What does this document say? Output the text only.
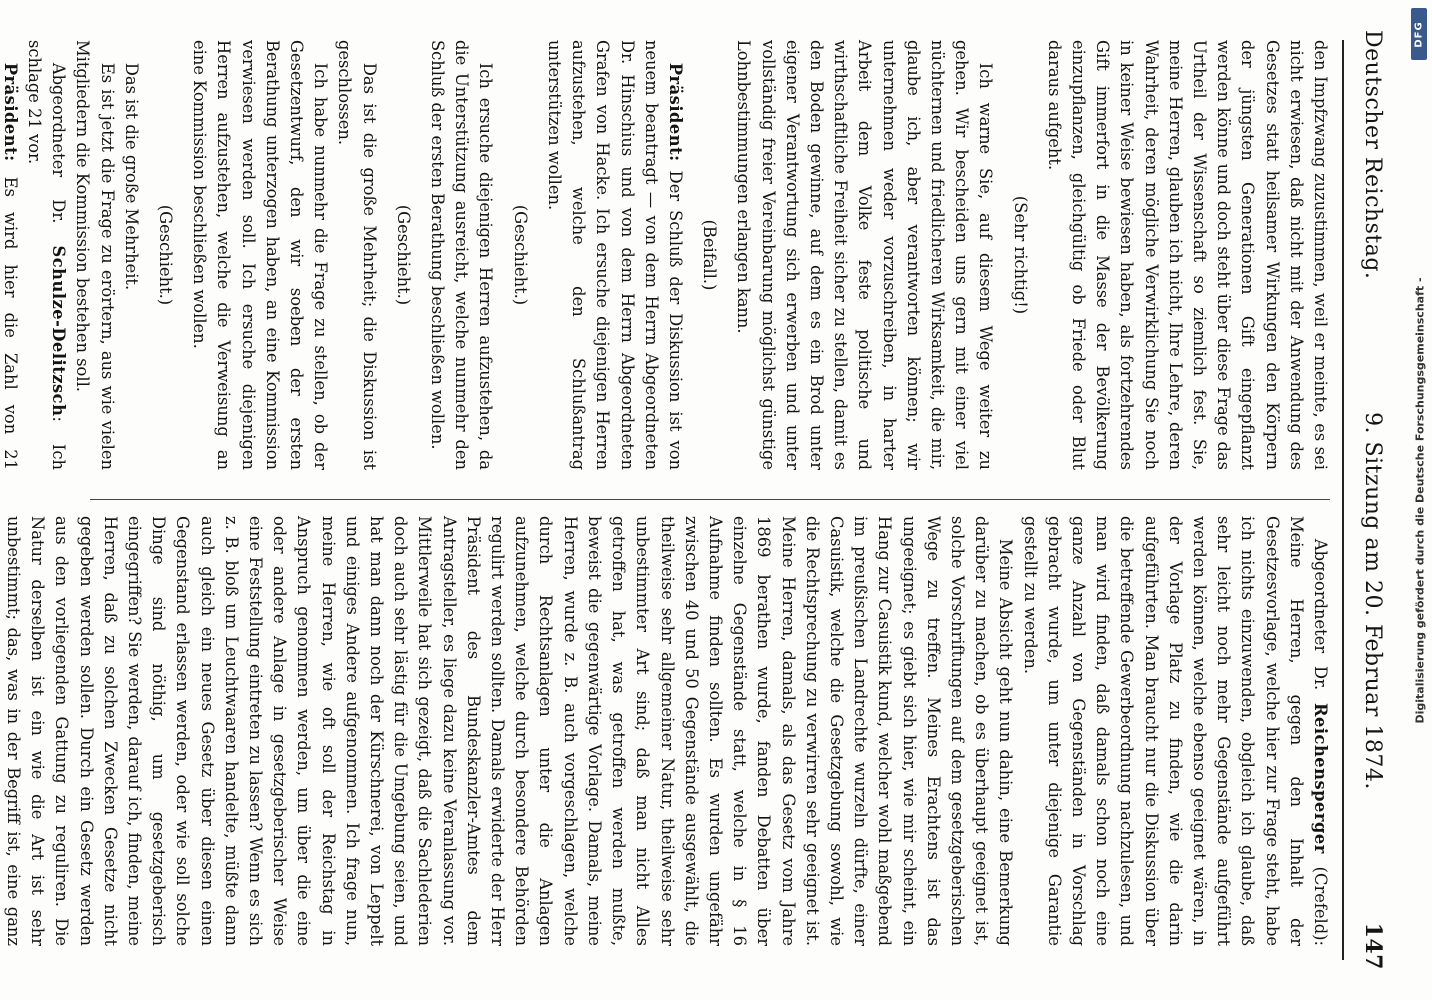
Deutscher Reichstag.
9. Sitzung am 20. Februar 1874.
147

den Impfzwang zuzustimmen, weil er meinte, es sei nicht erwiesen, daß nicht mit der Anwendung des Gesetzes statt heilsamer Wirkungen den Körpern der jüngsten Generationen Gift eingepflanzt werden könne und doch steht über diese Frage das Urtheil der Wissenschaft so ziemlich fest. Sie, meine Herren, glauben ich nicht, Ihre Lehre, deren Wahrheit, deren mögliche Verwirklichung Sie noch in keiner Weise bewiesen haben, als fortzehrendes Gift immerfort in die Masse der Bevölkerung einzupflanzen, gleichgültig ob Friede oder Blut daraus aufgeht.

(Sehr richtig!)

Ich warne Sie, auf diesem Wege weiter zu gehen. Wir bescheiden uns gern mit einer viel nüchternen und friedlicheren Wirksamkeit, die mir, glaube ich, aber verantworten können; wir unternehmen weder vorzuschreiben, in harter Arbeit dem Volke feste politische und wirthschaftliche Freiheit sicher zu stellen, damit es den Boden gewinne, auf dem es ein Brod unter eigener Verantwortung sich erwerben und unter vollständig freier Vereinbarung möglichst günstige Lohnbestimmungen erlangen kann.

(Beifall.)

Präsident: Der Schluß der Diskussion ist von neuem beantragt — von dem Herrn Abgeordneten Dr. Hinschius und von dem Herrn Abgeordneten Grafen von Hacke. Ich ersuche diejenigen Herren aufzustehen, welche den Schlußantrag unterstützen wollen.

(Geschieht.)

Ich ersuche diejenigen Herren aufzustehen, da die Unterstützung ausreicht, welche nunmehr den Schluß der ersten Berathung beschließen wollen.

(Geschieht.)

Das ist die große Mehrheit; die Diskussion ist geschlossen.

Ich habe nunmehr die Frage zu stellen, ob der Gesetzentwurf, den wir soeben der ersten Berathung unterzogen haben, an eine Kommission verwiesen werden soll. Ich ersuche diejenigen Herren aufzustehen, welche die Verweisung an eine Kommission beschließen wollen.

(Geschieht.)

Das ist die große Mehrheit.

Es ist jetzt die Frage zu erörtern, aus wie vielen Mitgliedern die Kommission bestehen soll.

Abgeordneter Dr. Schulze-Delitzsch: Ich schlage 21 vor.

Präsident: Es wird hier die Zahl von 21

Abgeordneter Dr. Reichensperger (Crefeld): Meine Herren, gegen den Inhalt der Gesetzesvorlage, welche hier zur Frage steht, habe ich nichts einzuwenden, obgleich ich glaube, daß sehr leicht noch mehr Gegenstände aufgeführt werden können, welche ebenso geeignet wären, in der Vorlage Platz zu finden, wie die darin aufgeführten. Man braucht nur die Diskussion über die betreffende Gewerbeordnung nachzulesen, und man wird finden, daß damals schon noch eine ganze Anzahl von Gegenständen in Vorschlag gebracht wurde, um unter diejenige Garantie gestellt zu werden.

Meine Absicht geht nun dahin, eine Bemerkung darüber zu machen, ob es überhaupt geeignet ist, solche Vorschriftungen auf dem gesetzgeberischen Wege zu treffen. Meines Erachtens ist das ungeeignet; es giebt sich hier, wie mir scheint, ein Hang zur Casuistik kund, welcher wohl maßgebend im preußischen Landrechte wurzeln dürfte, einer Casuistik, welche die Gesetzgebung sowohl, wie die Rechtsprechung zu verwirren sehr geeignet ist. Meine Herren, damals, als das Gesetz vom Jahre 1869 berathen wurde, fanden Debatten über einzelne Gegenstände statt, welche in § 16 Aufnahme finden sollten. Es wurden ungefähr zwischen 40 und 50 Gegenstände ausgewählt, die theilweise sehr allgemeiner Natur, theilweise sehr unbestimmter Art sind; daß man nicht Alles getroffen hat, was getroffen werden mußte, beweist die gegenwärtige Vorlage. Damals, meine Herren, wurde z. B. auch vorgeschlagen, welche durch Rechtsanlagen unter die Anlagen aufzunehmen, welche durch besondere Behörden regulirt werden sollten. Damals erwiderte der Herr Präsident des Bundeskanzler-Amtes dem Antragsteller, es liege dazu keine Veranlassung vor. Mittlerweile hat sich gezeigt, daß die Sachlederien doch auch sehr lästig für die Umgebung seien, und hat man dann noch der Kürschnerei, von Leppelt und einiges Andere aufgenommen. Ich frage nun, meine Herren, wie oft soll der Reichstag in Anspruch genommen werden, um über die eine oder andere Anlage in gesetzgeberischer Weise eine Feststellung eintreten zu lassen? Wenn es sich z. B. bloß um Leuchtwaaren handelte, müßte dann auch gleich ein neues Gesetz über diesen einen Gegenstand erlassen werden, oder wie soll solche Dinge sind nöthig, um gesetzgeberisch eingegriffen? Sie werden, darauf ich, finden, meine Herren, daß zu solchen Zwecken Gesetze nicht gegeben werden sollen. Durch ein Gesetz werden aus den vorliegenden Gattung zu reguliren. Die Natur derselben ist ein wie die Art ist sehr unbestimmt; das, was in der Begriff ist, eine ganz

Digitalisierung gefördert durch die Deutsche Forschungsgemeinschaft -
DFG
